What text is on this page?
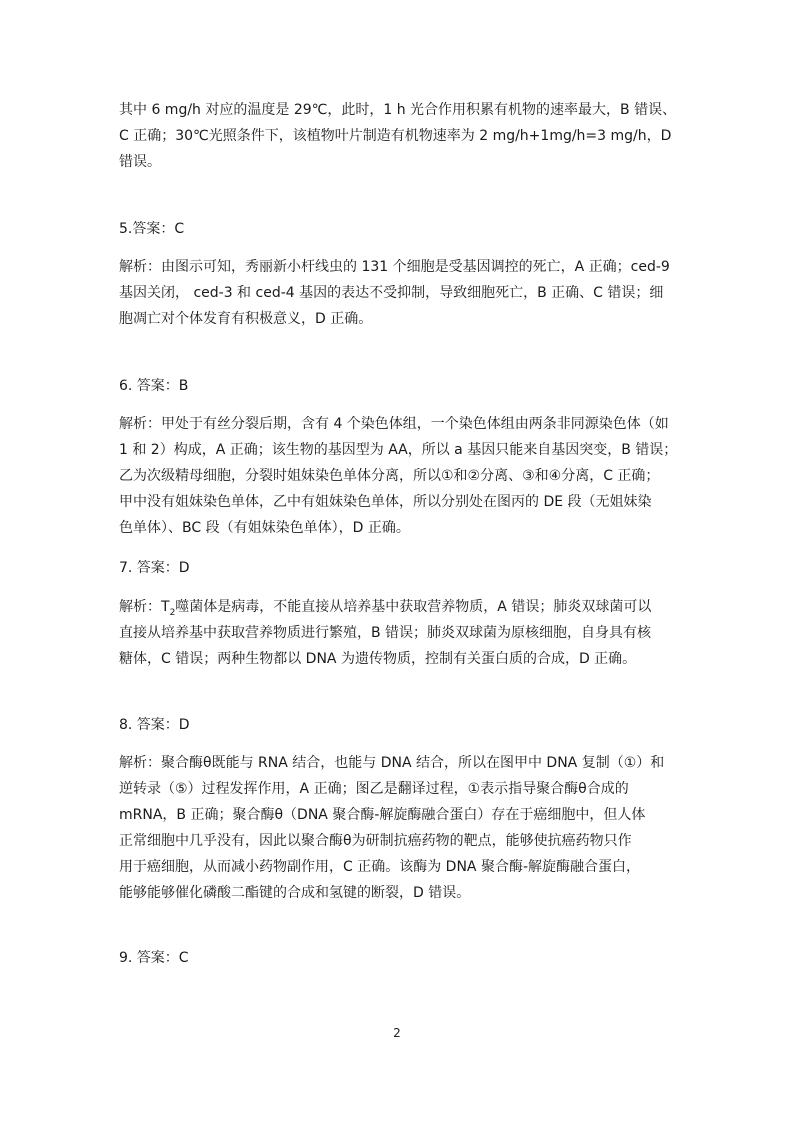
其中 6 mg/h 对应的温度是 29℃，此时，1 h 光合作用积累有机物的速率最大，B 错误、
C 正确；30℃光照条件下，该植物叶片制造有机物速率为 2 mg/h+1mg/h=3 mg/h，D
错误。
5.答案：C
解析：由图示可知，秀丽新小杆线虫的 131 个细胞是受基因调控的死亡，A 正确；ced-9
基因关闭， ced-3 和 ced-4 基因的表达不受抑制，导致细胞死亡，B 正确、C 错误；细
胞凋亡对个体发育有积极意义，D 正确。
6. 答案：B
解析：甲处于有丝分裂后期，含有 4 个染色体组，一个染色体组由两条非同源染色体（如
1 和 2）构成，A 正确；该生物的基因型为 AA，所以 a 基因只能来自基因突变，B 错误；
乙为次级精母细胞，分裂时姐妹染色单体分离，所以①和②分离、③和④分离，C 正确；
甲中没有姐妹染色单体，乙中有姐妹染色单体，所以分别处在图丙的 DE 段（无姐妹染
色单体）、BC 段（有姐妹染色单体），D 正确。
7. 答案：D
解析：$T_2$噬菌体是病毒，不能直接从培养基中获取营养物质，A 错误；肺炎双球菌可以
直接从培养基中获取营养物质进行繁殖，B 错误；肺炎双球菌为原核细胞，自身具有核
糖体，C 错误；两种生物都以 DNA 为遗传物质，控制有关蛋白质的合成，D 正确。
8. 答案：D
解析：聚合酶θ既能与 RNA 结合，也能与 DNA 结合，所以在图甲中 DNA 复制（①）和
逆转录（⑤）过程发挥作用，A 正确；图乙是翻译过程，①表示指导聚合酶θ合成的
mRNA，B 正确；聚合酶θ（DNA 聚合酶-解旋酶融合蛋白）存在于癌细胞中，但人体
正常细胞中几乎没有，因此以聚合酶θ为研制抗癌药物的靶点，能够使抗癌药物只作
用于癌细胞，从而减小药物副作用，C 正确。该酶为 DNA 聚合酶-解旋酶融合蛋白，
能够能够催化磷酸二酯键的合成和氢键的断裂，D 错误。
9. 答案：C
2
